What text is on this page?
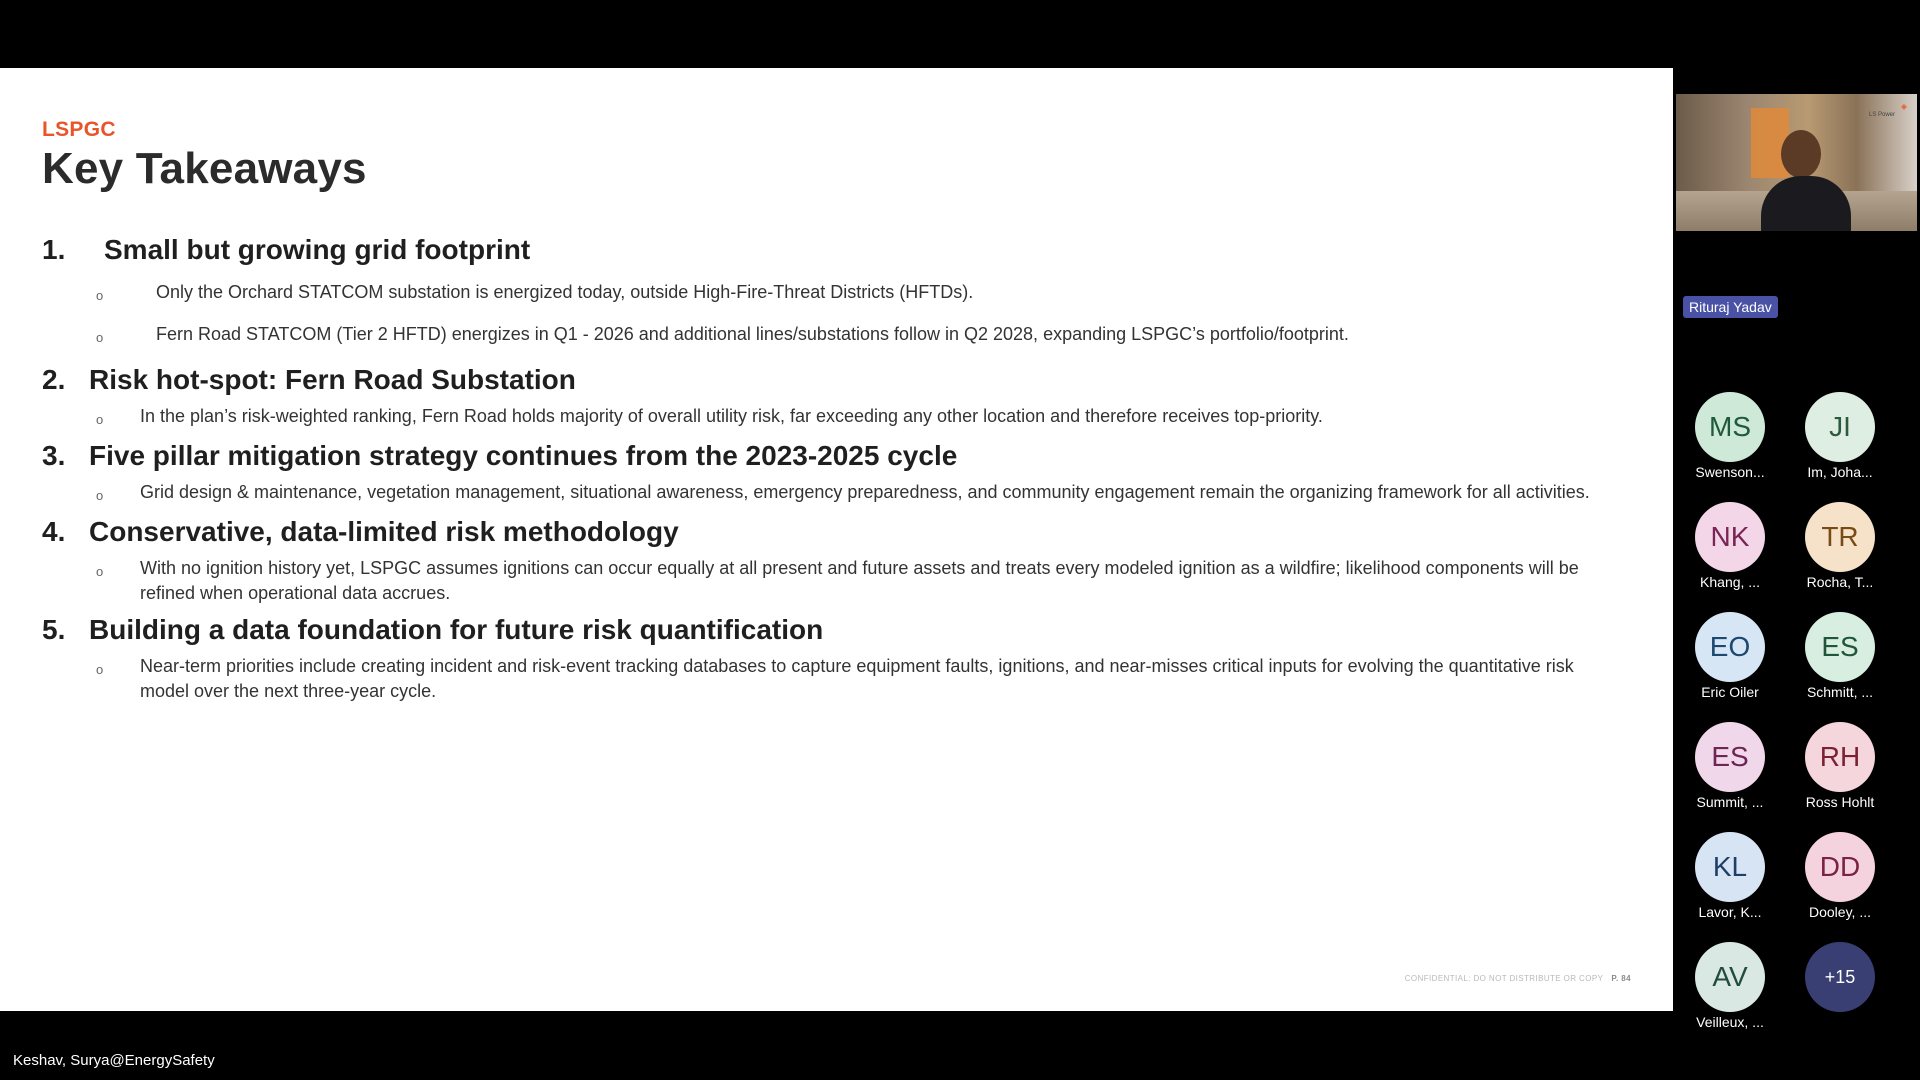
LSPGC
Key Takeaways
1.	Small but growing grid footprint
o	Only the Orchard STATCOM substation is energized today, outside High-Fire-Threat Districts (HFTDs).
o	Fern Road STATCOM (Tier 2 HFTD) energizes in Q1 - 2026 and additional lines/substations follow in Q2 2028, expanding LSPGC’s portfolio/footprint.
2. Risk hot-spot: Fern Road Substation
o	In the plan’s risk-weighted ranking, Fern Road holds majority of overall utility risk, far exceeding any other location and therefore receives top-priority.
3. Five pillar mitigation strategy continues from the 2023-2025 cycle
o	Grid design & maintenance, vegetation management, situational awareness, emergency preparedness, and community engagement remain the organizing framework for all activities.
4. Conservative, data-limited risk methodology
o	With no ignition history yet, LSPGC assumes ignitions can occur equally at all present and future assets and treats every modeled ignition as a wildfire; likelihood components will be refined when operational data accrues.
5. Building a data foundation for future risk quantification
o	Near-term priorities include creating incident and risk-event tracking databases to capture equipment faults, ignitions, and near-misses critical inputs for evolving the quantitative risk model over the next three-year cycle.
CONFIDENTIAL: DO NOT DISTRIBUTE OR COPY P. 84
Keshav, Surya@EnergySafety
◈
LS Power
Rituraj Yadav
MS
Swenson...
JI
Im, Joha...
NK
Khang, ...
TR
Rocha, T...
EO
Eric Oiler
ES
Schmitt, ...
ES
Summit, ...
RH
Ross Hohlt
KL
Lavor, K...
DD
Dooley, ...
AV
Veilleux, ...
+15
